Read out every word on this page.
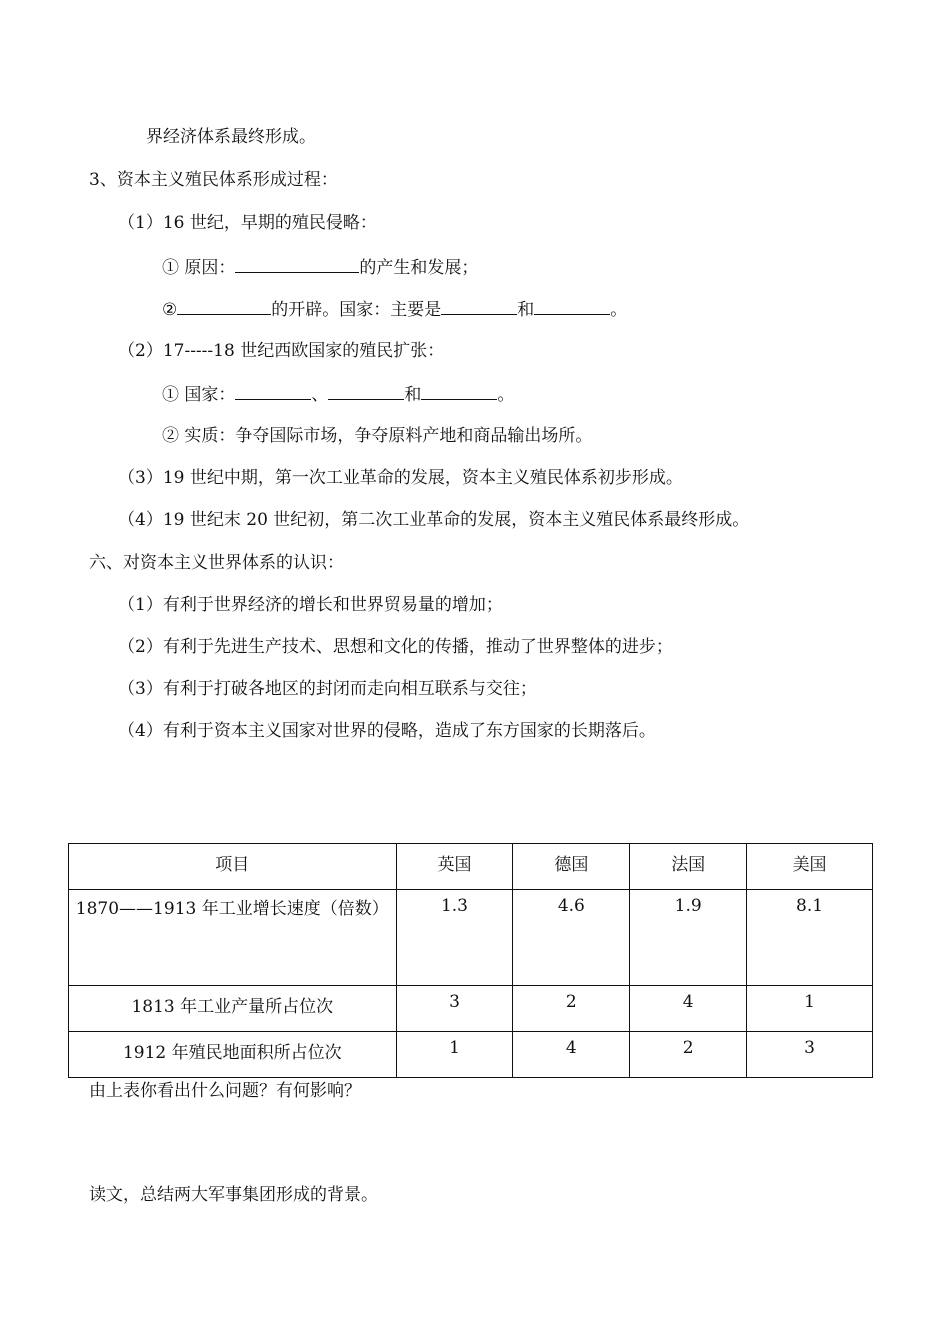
界经济体系最终形成。
3、资本主义殖民体系形成过程：
（1）16 世纪，早期的殖民侵略：
① 原因：	的产生和发展；
②	的开辟。国家：主要是	和	。
（2）17-----18 世纪西欧国家的殖民扩张：
① 国家：	、	和	。
② 实质：争夺国际市场，争夺原料产地和商品输出场所。
（3）19 世纪中期，第一次工业革命的发展，资本主义殖民体系初步形成。
（4）19 世纪末 20 世纪初，第二次工业革命的发展，资本主义殖民体系最终形成。
六、对资本主义世界体系的认识：
（1）有利于世界经济的增长和世界贸易量的增加；
（2）有利于先进生产技术、思想和文化的传播，推动了世界整体的进步；
（3）有利于打破各地区的封闭而走向相互联系与交往；
（4）有利于资本主义国家对世界的侵略，造成了东方国家的长期落后。
项目	英国	德国	法国	美国

1870——1913 年工业增长速度（倍数）	1.3	4.6	1.9	8.1
1813 年工业产量所占位次	3	2	4	1
1912 年殖民地面积所占位次	1	4	2	3
由上表你看出什么问题？有何影响？
读文，总结两大军事集团形成的背景。
